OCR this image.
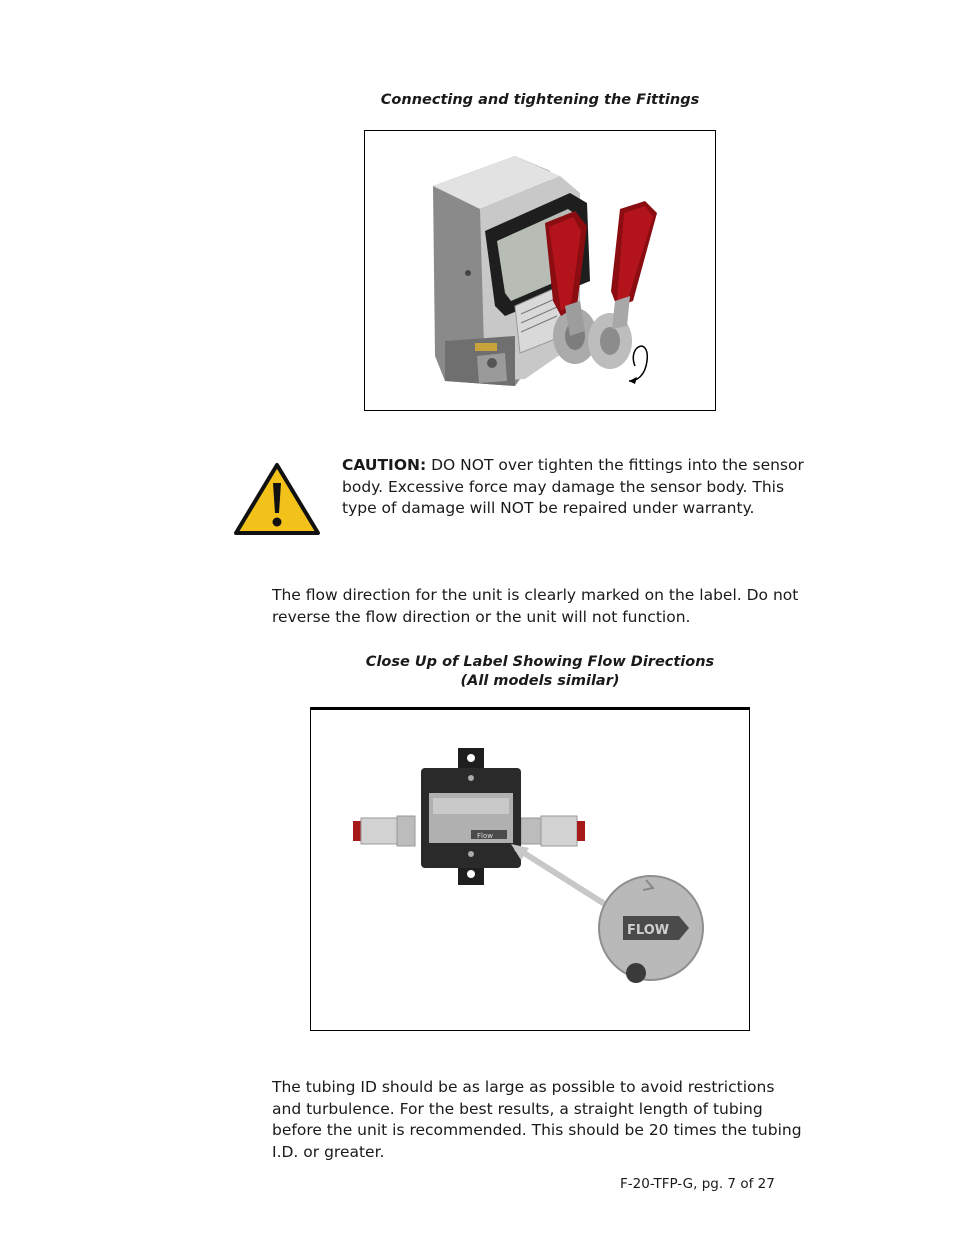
Connecting and tightening the Fittings
CAUTION: DO NOT over tighten the fittings into the sensor body. Excessive force may damage the sensor body. This type of damage will NOT be repaired under warranty.
The flow direction for the unit is clearly marked on the label. Do not reverse the flow direction or the unit will not function.
Close Up of Label Showing Flow Directions
(All models similar)
Flow
FLOW
The tubing ID should be as large as possible to avoid restrictions and turbulence. For the best results, a straight length of tubing before the unit is recommended. This should be 20 times the tubing I.D. or greater.
F-20-TFP-G, pg. 7 of 27
